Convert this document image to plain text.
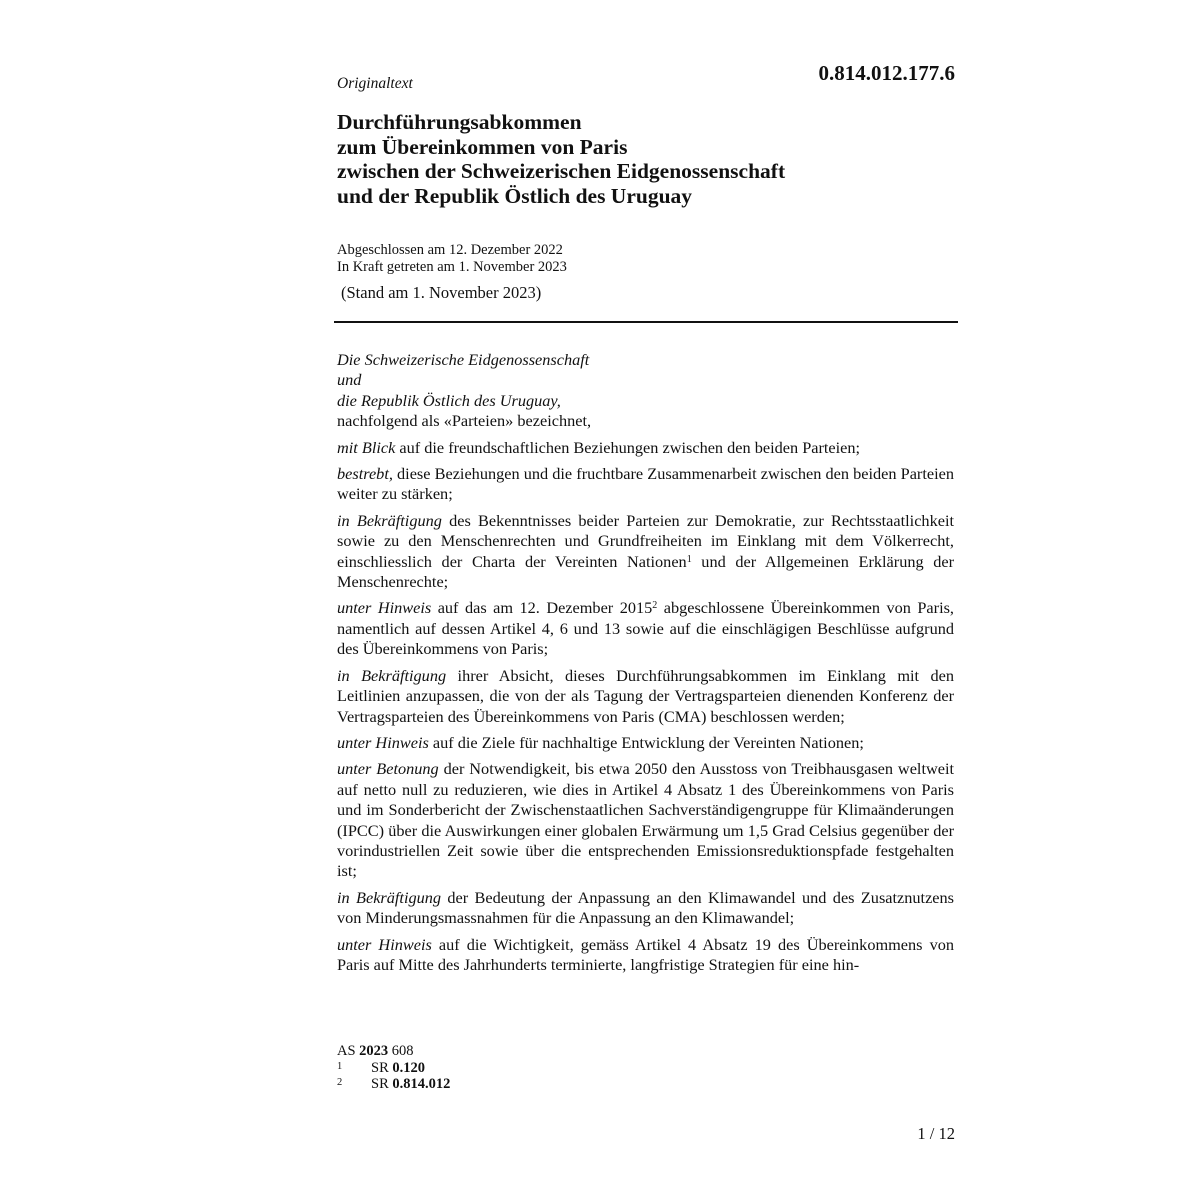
0.814.012.177.6
Originaltext
Durchführungsabkommen
zum Übereinkommen von Paris
zwischen der Schweizerischen Eidgenossenschaft
und der Republik Östlich des Uruguay
Abgeschlossen am 12. Dezember 2022
In Kraft getreten am 1. November 2023
(Stand am 1. November 2023)
Die Schweizerische Eidgenossenschaft
und
die Republik Östlich des Uruguay,
nachfolgend als «Parteien» bezeichnet,

mit Blick auf die freundschaftlichen Beziehungen zwischen den beiden Parteien;

bestrebt, diese Beziehungen und die fruchtbare Zusammenarbeit zwischen den beiden Parteien weiter zu stärken;

in Bekräftigung des Bekenntnisses beider Parteien zur Demokratie, zur Rechtsstaatlichkeit sowie zu den Menschenrechten und Grundfreiheiten im Einklang mit dem Völkerrecht, einschliesslich der Charta der Vereinten Nationen$^1$ und der Allgemeinen Erklärung der Menschenrechte;

unter Hinweis auf das am 12. Dezember 2015$^2$ abgeschlossene Übereinkommen von Paris, namentlich auf dessen Artikel 4, 6 und 13 sowie auf die einschlägigen Beschlüsse aufgrund des Übereinkommens von Paris;

in Bekräftigung ihrer Absicht, dieses Durchführungsabkommen im Einklang mit den Leitlinien anzupassen, die von der als Tagung der Vertragsparteien dienenden Konferenz der Vertragsparteien des Übereinkommens von Paris (CMA) beschlossen werden;

unter Hinweis auf die Ziele für nachhaltige Entwicklung der Vereinten Nationen;

unter Betonung der Notwendigkeit, bis etwa 2050 den Ausstoss von Treibhausgasen weltweit auf netto null zu reduzieren, wie dies in Artikel 4 Absatz 1 des Übereinkommens von Paris und im Sonderbericht der Zwischenstaatlichen Sachverständigengruppe für Klimaänderungen (IPCC) über die Auswirkungen einer globalen Erwärmung um 1,5 Grad Celsius gegenüber der vorindustriellen Zeit sowie über die entsprechenden Emissionsreduktionspfade festgehalten ist;

in Bekräftigung der Bedeutung der Anpassung an den Klimawandel und des Zusatznutzens von Minderungsmassnahmen für die Anpassung an den Klimawandel;

unter Hinweis auf die Wichtigkeit, gemäss Artikel 4 Absatz 19 des Übereinkommens von Paris auf Mitte des Jahrhunderts terminierte, langfristige Strategien für eine hin-

AS 2023 608
1 SR 0.120
2 SR 0.814.012
1 / 12
